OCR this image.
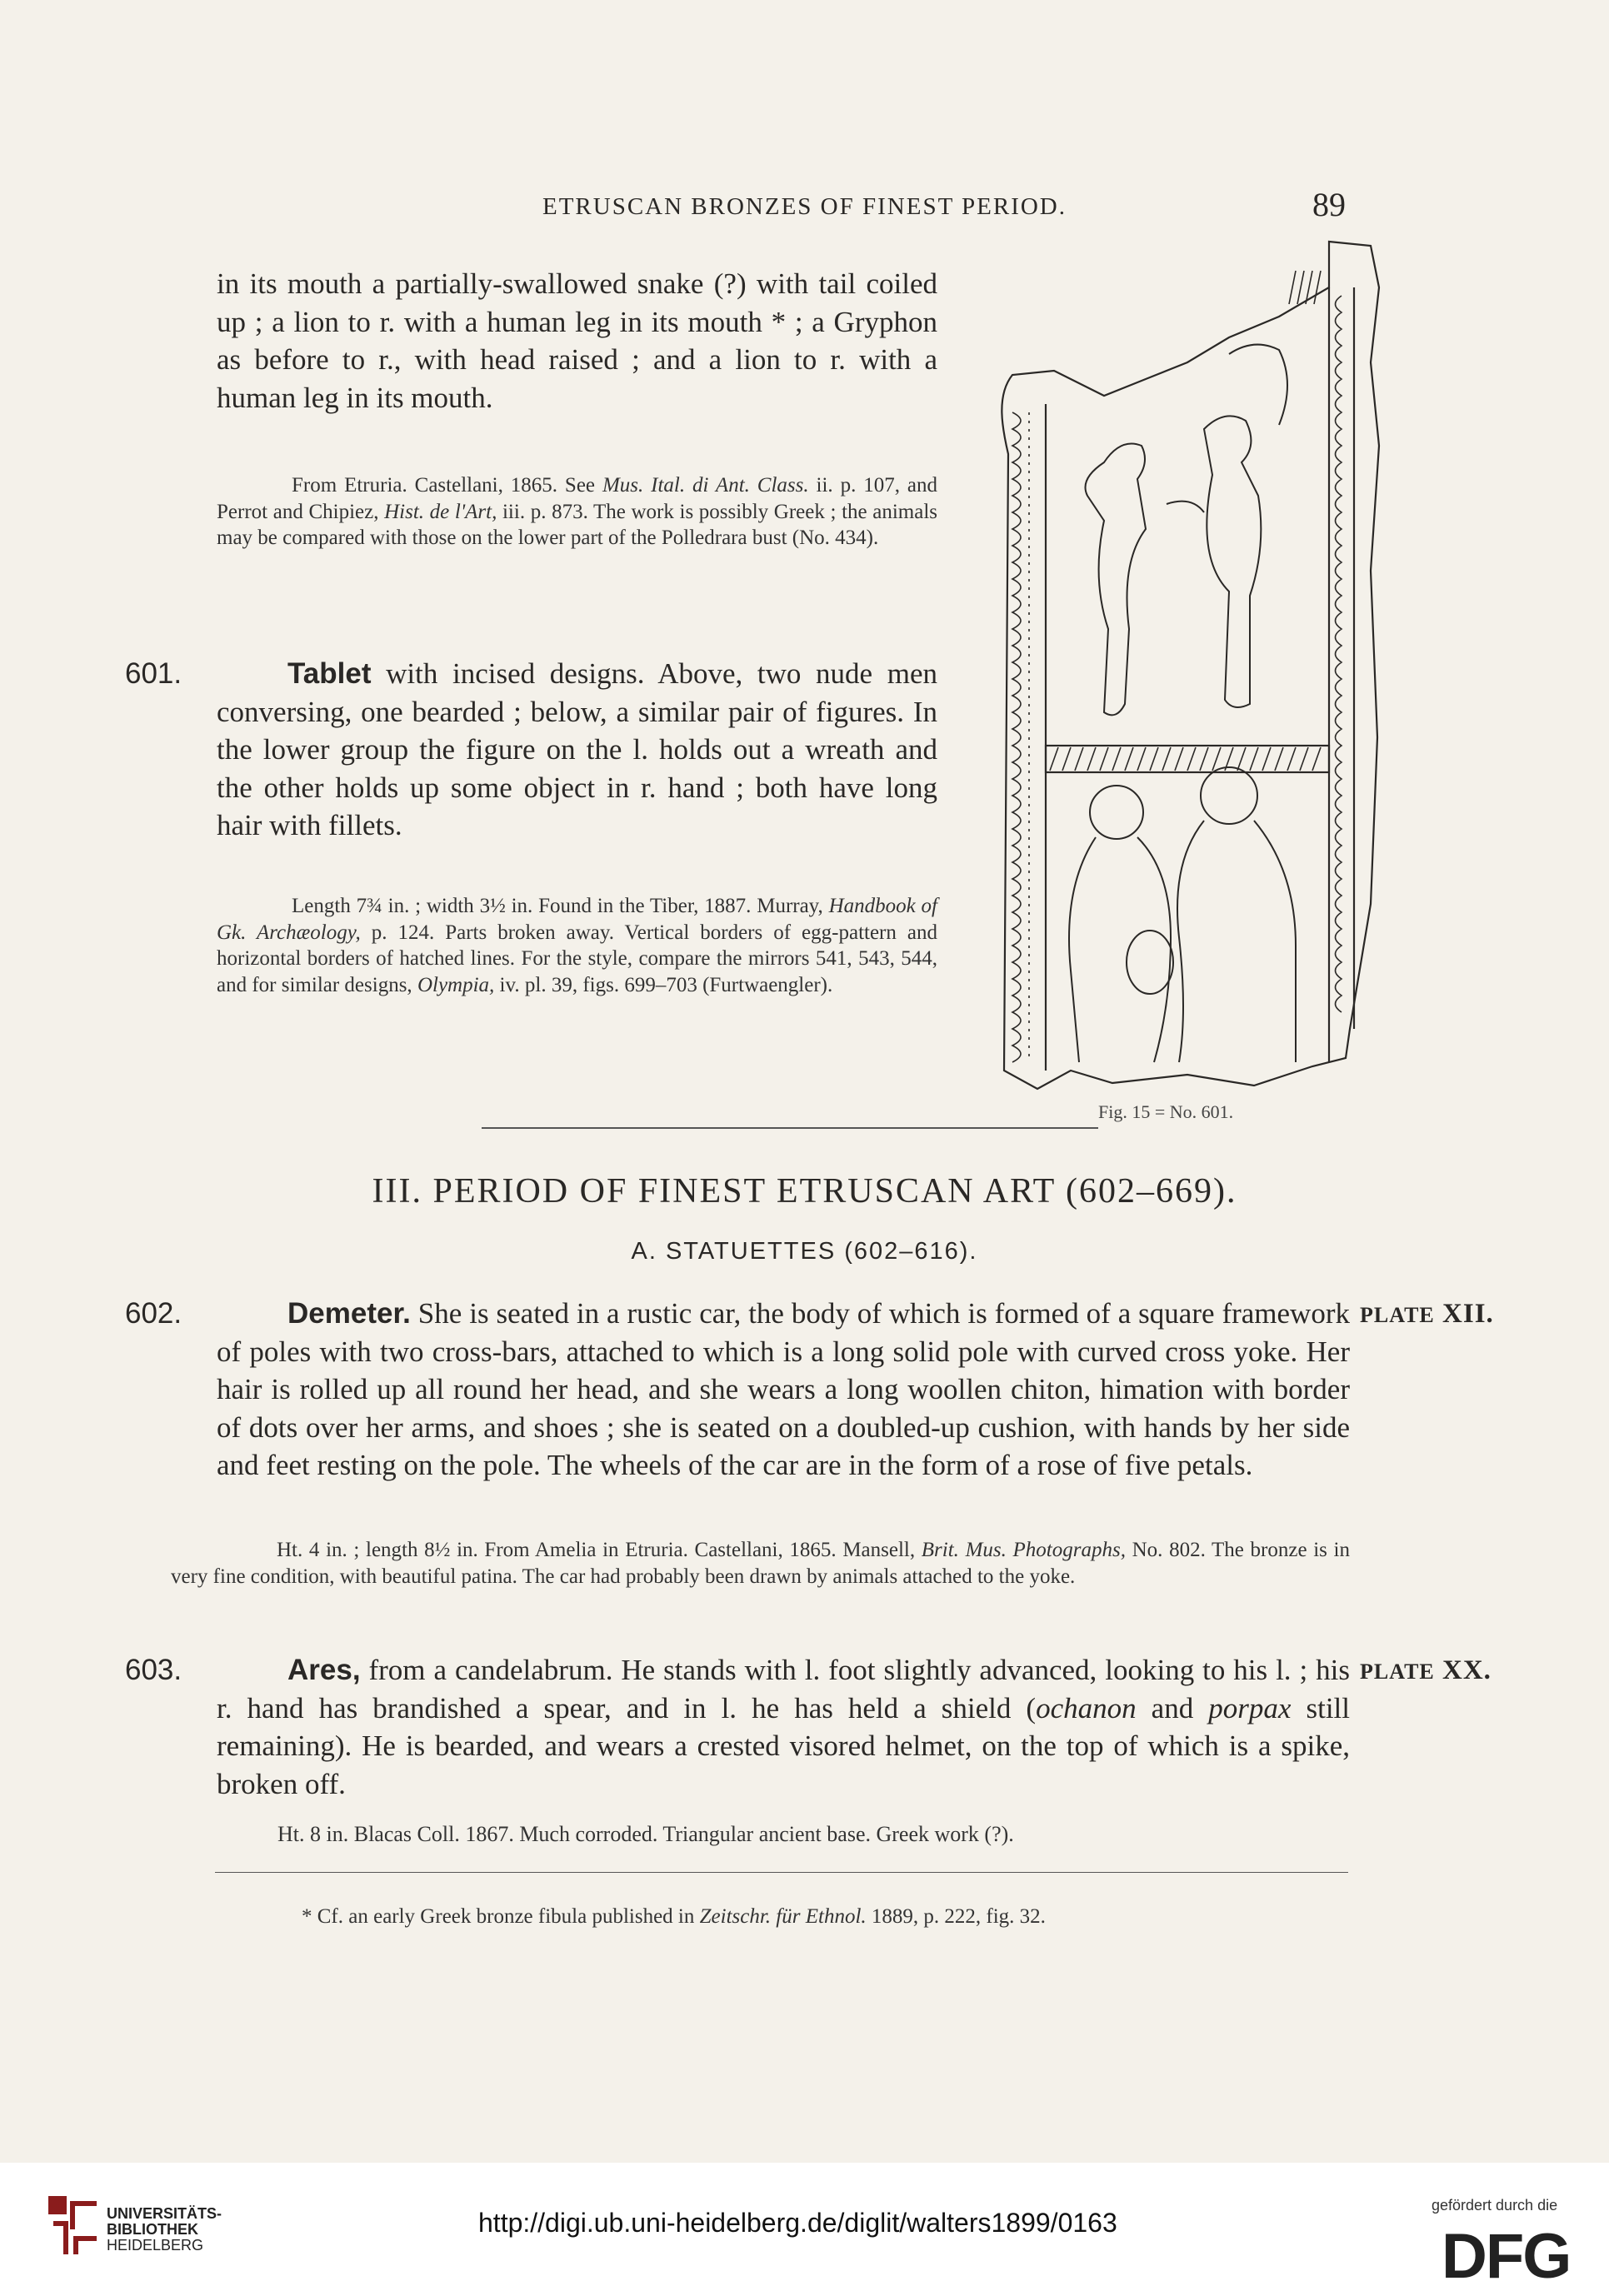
ETRUSCAN BRONZES OF FINEST PERIOD.	89
in its mouth a partially-swallowed snake (?) with tail coiled up ; a lion to r. with a human leg in its mouth * ; a Gryphon as before to r., with head raised ; and a lion to r. with a human leg in its mouth.
From Etruria. Castellani, 1865. See Mus. Ital. di Ant. Class. ii. p. 107, and Perrot and Chipiez, Hist. de l'Art, iii. p. 873. The work is possibly Greek ; the animals may be compared with those on the lower part of the Polledrara bust (No. 434).
601.	Tablet with incised designs. Above, two nude men conversing, one bearded ; below, a similar pair of figures. In the lower group the figure on the l. holds out a wreath and the other holds up some object in r. hand ; both have long hair with fillets.
Length 7¾ in. ; width 3½ in. Found in the Tiber, 1887. Murray, Handbook of Gk. Archæology, p. 124. Parts broken away. Vertical borders of egg-pattern and horizontal borders of hatched lines. For the style, compare the mirrors 541, 543, 544, and for similar designs, Olympia, iv. pl. 39, figs. 699–703 (Furtwaengler).
Fig. 15 = No. 601.
III. PERIOD OF FINEST ETRUSCAN ART (602–669).
A. STATUETTES (602–616).
602.	Demeter. She is seated in a rustic car, the body of which is formed of a square framework of poles with two cross-bars, attached to which is a long solid pole with curved cross yoke. Her hair is rolled up all round her head, and she wears a long woollen chiton, himation with border of dots over her arms, and shoes ; she is seated on a doubled-up cushion, with hands by her side and feet resting on the pole. The wheels of the car are in the form of a rose of five petals.
PLATE XII.
Ht. 4 in. ; length 8½ in. From Amelia in Etruria. Castellani, 1865. Mansell, Brit. Mus. Photographs, No. 802. The bronze is in very fine condition, with beautiful patina. The car had probably been drawn by animals attached to the yoke.
603.	Ares, from a candelabrum. He stands with l. foot slightly advanced, looking to his l. ; his r. hand has brandished a spear, and in l. he has held a shield (ochanon and porpax still remaining). He is bearded, and wears a crested visored helmet, on the top of which is a spike, broken off.
PLATE XX.
Ht. 8 in. Blacas Coll. 1867. Much corroded. Triangular ancient base. Greek work (?).
* Cf. an early Greek bronze fibula published in Zeitschr. für Ethnol. 1889, p. 222, fig. 32.
UNIVERSITÄTS-
BIBLIOTHEK
HEIDELBERG
http://digi.ub.uni-heidelberg.de/diglit/walters1899/0163
gefördert durch die
DFG
